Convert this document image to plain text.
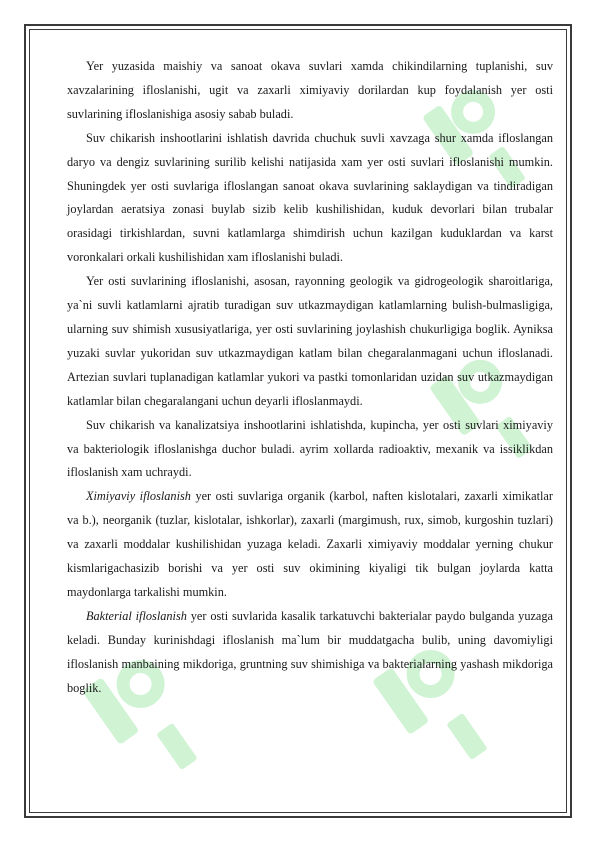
Yer yuzasida maishiy va sanoat okava suvlari xamda chikindilarning tuplanishi, suv xavzalarining ifloslanishi, ugit va zaxarli ximiyaviy dorilardan kup foydalanish yer osti suvlarining ifloslanishiga asosiy sabab buladi.

Suv chikarish inshootlarini ishlatish davrida chuchuk suvli xavzaga shur xamda ifloslangan daryo va dengiz suvlarining surilib kelishi natijasida xam yer osti suvlari ifloslanishi mumkin. Shuningdek yer osti suvlariga ifloslangan sanoat okava suvlarining saklaydigan va tindiradigan joylardan aeratsiya zonasi buylab sizib kelib kushilishidan, kuduk devorlari bilan trubalar orasidagi tirkishlardan, suvni katlamlarga shimdirish uchun kazilgan kuduklardan va karst voronkalari orkali kushilishidan xam ifloslanishi buladi.

Yer osti suvlarining ifloslanishi, asosan, rayonning geologik va gidrogeologik sharoitlariga, ya`ni suvli katlamlarni ajratib turadigan suv utkazmaydigan katlamlarning bulish-bulmasligiga, ularning suv shimish xususiyatlariga, yer osti suvlarining joylashish chukurligiga boglik. Ayniksa yuzaki suvlar yukoridan suv utkazmaydigan katlam bilan chegaralanmagani uchun ifloslanadi. Artezian suvlari tuplanadigan katlamlar yukori va pastki tomonlaridan uzidan suv utkazmaydigan katlamlar bilan chegaralangani uchun deyarli ifloslanmaydi.

Suv chikarish va kanalizatsiya inshootlarini ishlatishda, kupincha, yer osti suvlari ximiyaviy va bakteriologik ifloslanishga duchor buladi. ayrim xollarda radioaktiv, mexanik va issiklikdan ifloslanish xam uchraydi.

Ximiyaviy ifloslanish yer osti suvlariga organik (karbol, naften kislotalari, zaxarli ximikatlar va b.), neorganik (tuzlar, kislotalar, ishkorlar), zaxarli (margimush, rux, simob, kurgoshin tuzlari) va zaxarli moddalar kushilishidan yuzaga keladi. Zaxarli ximiyaviy moddalar yerning chukur kismlarigachasizib borishi va yer osti suv okimining kiyaligi tik bulgan joylarda katta maydonlarga tarkalishi mumkin.

Bakterial ifloslanish yer osti suvlarida kasalik tarkatuvchi bakterialar paydo bulganda yuzaga keladi. Bunday kurinishdagi ifloslanish ma`lum bir muddatgacha bulib, uning davomiyligi ifloslanish manbaining mikdoriga, gruntning suv shimishiga va bakterialarning yashash mikdoriga boglik.
